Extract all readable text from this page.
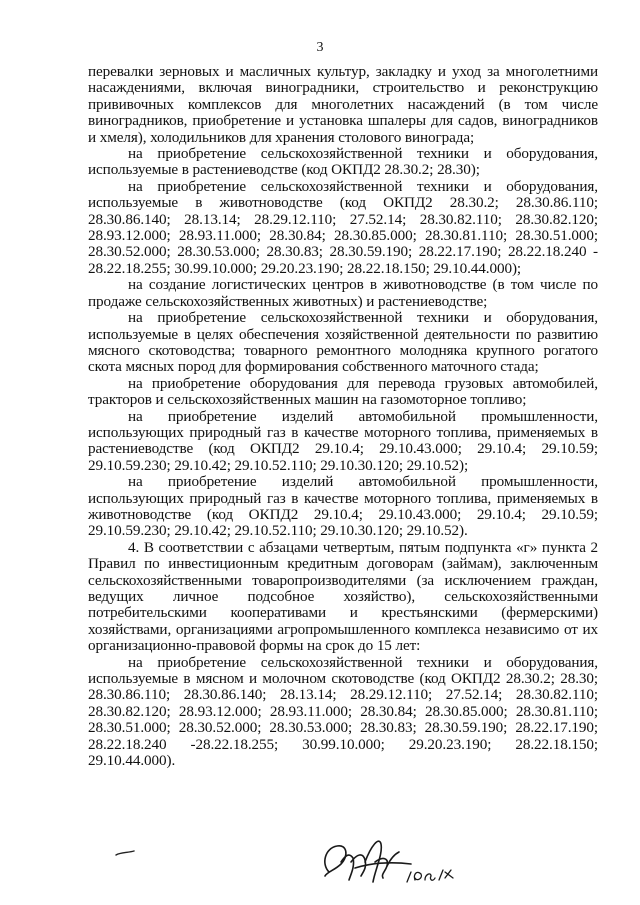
3

перевалки зерновых и масличных культур, закладку и уход за многолетними насаждениями, включая виноградники, строительство и реконструкцию прививочных комплексов для многолетних насаждений (в том числе виноградников, приобретение и установка шпалеры для садов, виноградников и хмеля), холодильников для хранения столового винограда;

на приобретение сельскохозяйственной техники и оборудования, используемые в растениеводстве (код ОКПД2 28.30.2; 28.30);

на приобретение сельскохозяйственной техники и оборудования, используемые в животноводстве (код ОКПД2 28.30.2; 28.30.86.110; 28.30.86.140; 28.13.14; 28.29.12.110; 27.52.14; 28.30.82.110; 28.30.82.120; 28.93.12.000; 28.93.11.000; 28.30.84; 28.30.85.000; 28.30.81.110; 28.30.51.000; 28.30.52.000; 28.30.53.000; 28.30.83; 28.30.59.190; 28.22.17.190; 28.22.18.240 - 28.22.18.255; 30.99.10.000; 29.20.23.190; 28.22.18.150; 29.10.44.000);

на создание логистических центров в животноводстве (в том числе по продаже сельскохозяйственных животных) и растениеводстве;

на приобретение сельскохозяйственной техники и оборудования, используемые в целях обеспечения хозяйственной деятельности по развитию мясного скотоводства; товарного ремонтного молодняка крупного рогатого скота мясных пород для формирования собственного маточного стада;

на приобретение оборудования для перевода грузовых автомобилей, тракторов и сельскохозяйственных машин на газомоторное топливо;

на приобретение изделий автомобильной промышленности, использующих природный газ в качестве моторного топлива, применяемых в растениеводстве (код ОКПД2 29.10.4; 29.10.43.000; 29.10.4; 29.10.59; 29.10.59.230; 29.10.42; 29.10.52.110; 29.10.30.120; 29.10.52);

на приобретение изделий автомобильной промышленности, использующих природный газ в качестве моторного топлива, применяемых в животноводстве (код ОКПД2 29.10.4; 29.10.43.000; 29.10.4; 29.10.59; 29.10.59.230; 29.10.42; 29.10.52.110; 29.10.30.120; 29.10.52).

4. В соответствии с абзацами четвертым, пятым подпункта «г» пункта 2 Правил по инвестиционным кредитным договорам (займам), заключенным сельскохозяйственными товаропроизводителями (за исключением граждан, ведущих личное подсобное хозяйство), сельскохозяйственными потребительскими кооперативами и крестьянскими (фермерскими) хозяйствами, организациями агропромышленного комплекса независимо от их организационно-правовой формы на срок до 15 лет:

на приобретение сельскохозяйственной техники и оборудования, используемые в мясном и молочном скотоводстве (код ОКПД2 28.30.2; 28.30; 28.30.86.110; 28.30.86.140; 28.13.14; 28.29.12.110; 27.52.14; 28.30.82.110; 28.30.82.120; 28.93.12.000; 28.93.11.000; 28.30.84; 28.30.85.000; 28.30.81.110; 28.30.51.000; 28.30.52.000; 28.30.53.000; 28.30.83; 28.30.59.190; 28.22.17.190; 28.22.18.240 -28.22.18.255; 30.99.10.000; 29.20.23.190; 28.22.18.150; 29.10.44.000).
